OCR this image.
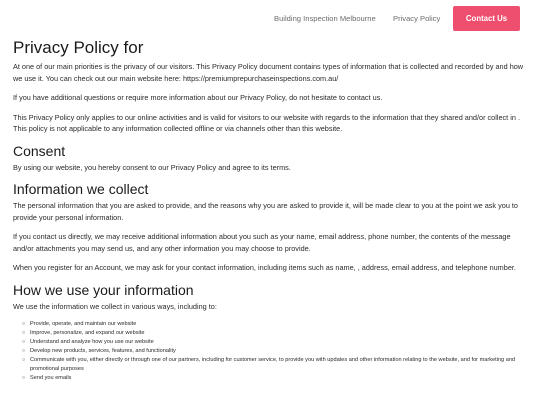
Building Inspection Melbourne Privacy Policy	Contact Us
Privacy Policy for

At one of our main priorities is the privacy of our visitors. This Privacy Policy document contains types of information that is collected and recorded by and how we use it. You can check out our main website here: https://premiumprepurchaseinspections.com.au/

If you have additional questions or require more information about our Privacy Policy, do not hesitate to contact us.

This Privacy Policy only applies to our online activities and is valid for visitors to our website with regards to the information that they shared and/or collect in . This policy is not applicable to any information collected offline or via channels other than this website.

Consent

By using our website, you hereby consent to our Privacy Policy and agree to its terms.

Information we collect

The personal information that you are asked to provide, and the reasons why you are asked to provide it, will be made clear to you at the point we ask you to provide your personal information.

If you contact us directly, we may receive additional information about you such as your name, email address, phone number, the contents of the message and/or attachments you may send us, and any other information you may choose to provide.

When you register for an Account, we may ask for your contact information, including items such as name, , address, email address, and telephone number.

How we use your information

We use the information we collect in various ways, including to:

○ Provide, operate, and maintain our website
○ Improve, personalize, and expand our website
○ Understand and analyze how you use our website
○ Develop new products, services, features, and functionality
○ Communicate with you, either directly or through one of our partners, including for customer service, to provide you with updates and other information relating to the website, and for marketing and promotional purposes
○ Send you emails
